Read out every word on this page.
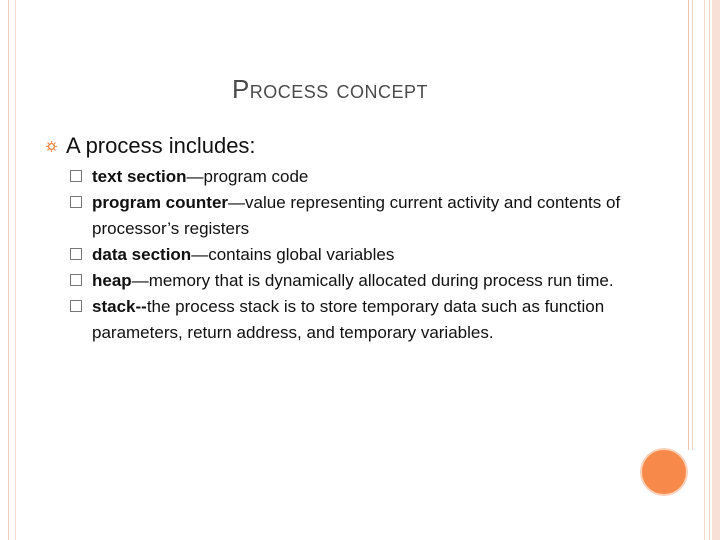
Process concept
A process includes:
text section—program code
program counter—value representing current activity and contents of processor’s registers
data section—contains global variables
heap—memory that is dynamically allocated during process run time.
stack--the process stack is to store temporary data such as function parameters, return address, and temporary variables.
